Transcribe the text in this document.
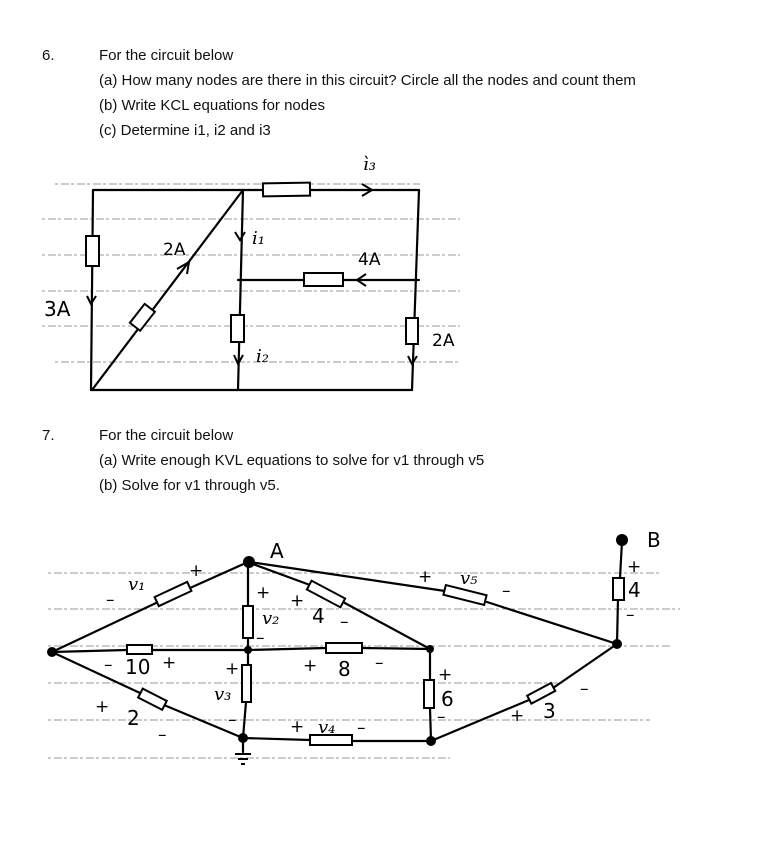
6.	For the circuit below
(a) How many nodes are there in this circuit? Circle all the nodes and count them
(b) Write KCL equations for nodes
(c) Determine i1, i2 and i3
ì₃
i₁
2A	4A
3A
i₂
2A
7.	For the circuit below
(a) Write enough KVL equations to solve for v1 through v5
(b) Solve for v1 through v5.
A	B
v₁
+
–	+
v₂
–
+
4 –
– 10 +	+
v₃
–
+ 8 –
+ 2
–	+ v₄ –
+
6
–
+ v₅
–
+ 3
–
+
4
–
